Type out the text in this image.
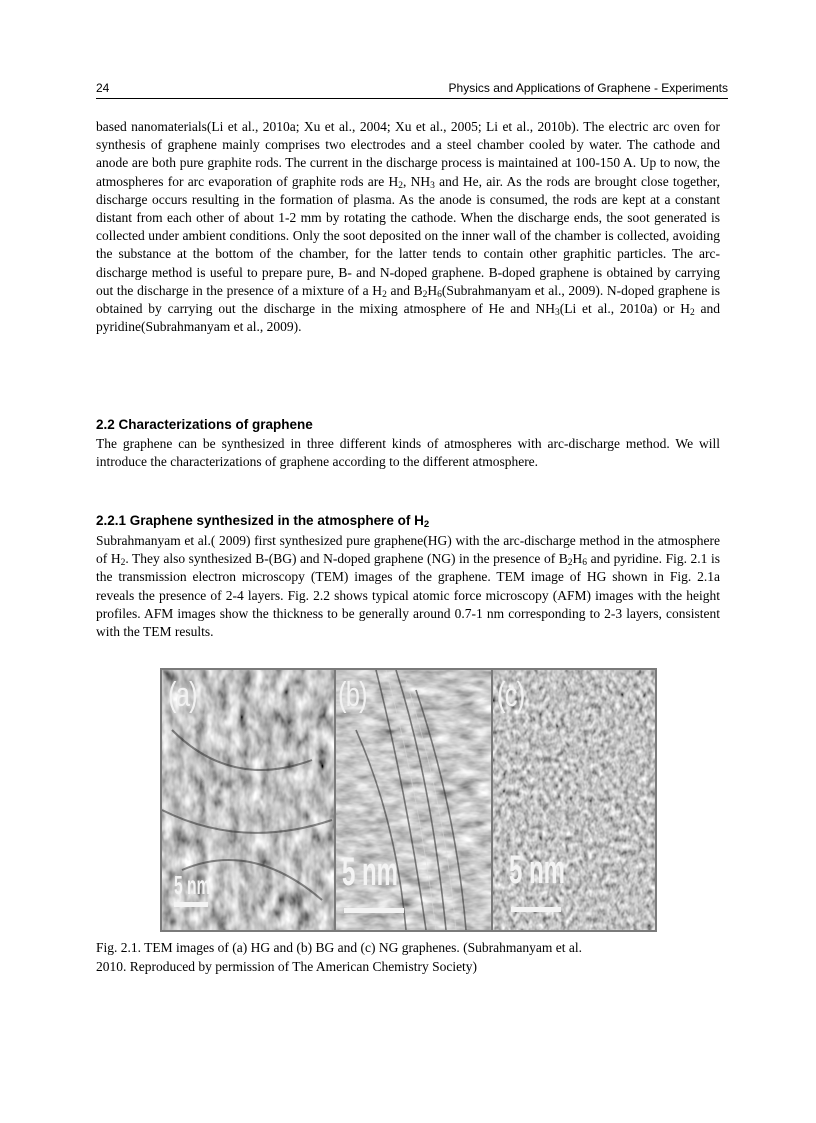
24	Physics and Applications of Graphene - Experiments

based nanomaterials(Li et al., 2010a; Xu et al., 2004; Xu et al., 2005; Li et al., 2010b). The electric arc oven for synthesis of graphene mainly comprises two electrodes and a steel chamber cooled by water. The cathode and anode are both pure graphite rods. The current in the discharge process is maintained at 100-150 A. Up to now, the atmospheres for arc evaporation of graphite rods are $H_2$, $NH_3$ and He, air. As the rods are brought close together, discharge occurs resulting in the formation of plasma. As the anode is consumed, the rods are kept at a constant distant from each other of about 1-2 mm by rotating the cathode. When the discharge ends, the soot generated is collected under ambient conditions. Only the soot deposited on the inner wall of the chamber is collected, avoiding the substance at the bottom of the chamber, for the latter tends to contain other graphitic particles. The arc-discharge method is useful to prepare pure, B- and N-doped graphene. B-doped graphene is obtained by carrying out the discharge in the presence of a mixture of a $H_2$ and $B_2H_6(Subrahmanyam$ et al., 2009). N-doped graphene is obtained by carrying out the discharge in the mixing atmosphere of He and $NH_3(Li$ et al., 2010a) or $H_2$ and pyridine(Subrahmanyam et al., 2009).

2.2 Characterizations of graphene

The graphene can be synthesized in three different kinds of atmospheres with arc-discharge method. We will introduce the characterizations of graphene according to the different atmosphere.

2.2.1 Graphene synthesized in the atmosphere of $H_2$

Subrahmanyam et al.( 2009) first synthesized pure graphene(HG) with the arc-discharge method in the atmosphere of $H_2$. They also synthesized B-(BG) and N-doped graphene (NG) in the presence of $B_2H_6$ and pyridine. Fig. 2.1 is the transmission electron microscopy (TEM) images of the graphene. TEM image of HG shown in Fig. 2.1a reveals the presence of 2-4 layers. Fig. 2.2 shows typical atomic force microscopy (AFM) images with the height profiles. AFM images show the thickness to be generally around 0.7-1 nm corresponding to 2-3 layers, consistent with the TEM results.

(a)
5 nm
(b)
5 nm
(c)
5 nm

Fig. 2.1. TEM images of (a) HG and (b) BG and (c) NG graphenes. (Subrahmanyam et al.

2010. Reproduced by permission of The American Chemistry Society)
